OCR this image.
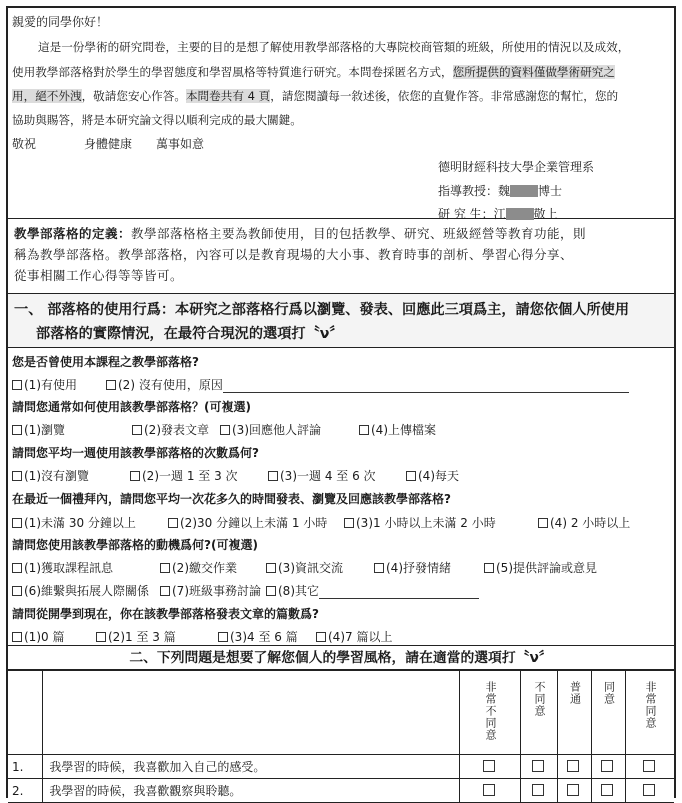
親愛的同學你好！
這是一份學術的研究問卷，主要的目的是想了解使用教學部落格的大專院校商管類的班級，所使用的情況以及成效，
使用教學部落格對於學生的學習態度和學習風格等特質進行研究。本問卷採匿名方式，您所提供的資料僅做學術研究之
用，絕不外洩，敬請您安心作答。本問卷共有 4 頁，請您閱讀每一敘述後，依您的直覺作答。非常感謝您的幫忙，您的
協助與賜答，將是本研究論文得以順利完成的最大關鍵。
敬祝	身體健康　　萬事如意
德明財經科技大學企業管理系
指導教授：魏 博士
研 究 生：江 敬上
教學部落格的定義：教學部落格格主要為教師使用，目的包括教學、研究、班級經營等教育功能，則
稱為教學部落格。教學部落格，內容可以是教育現場的大小事、教育時事的剖析、學習心得分享、
從事相關工作心得等等皆可。
一、 部落格的使用行爲：本研究之部落格行爲以瀏覽、發表、回應此三項爲主，請您依個人所使用
部落格的實際情況，在最符合現況的選項打〝ν〞
您是否曾使用本課程之教學部落格?
(1)有使用	(2) 沒有使用，原因
請問您通常如何使用該教學部落格？(可複選)
(1)瀏覽	(2)發表文章	(3)回應他人評論	(4)上傳檔案
請問您平均一週使用該教學部落格的次數爲何?
(1)沒有瀏覽	(2)一週 1 至 3 次	(3)一週 4 至 6 次	(4)每天
在最近一個禮拜內，請問您平均一次花多久的時間發表、瀏覽及回應該教學部落格?
(1)未滿 30 分鐘以上	(2)30 分鐘以上未滿 1 小時	(3)1 小時以上未滿 2 小時	(4) 2 小時以上
請問您使用該教學部落格的動機爲何?(可複選)
(1)獲取課程訊息	(2)繳交作業	(3)資訊交流	(4)抒發情緒	(5)提供評論或意見
(6)維繫與拓展人際關係	(7)班級事務討論	(8)其它
請問從開學到現在，你在該教學部落格發表文章的篇數爲?
(1)0 篇	(2)1 至 3 篇	(3)4 至 6 篇	(4)7 篇以上
二、下列問題是想要了解您個人的學習風格，請在適當的選項打〝ν〞

		非常不同意	不同意	普通	同意	非常同意

1.	我學習的時候，我喜歡加入自己的感受。					
2.	我學習的時候，我喜歡觀察與聆聽。					
